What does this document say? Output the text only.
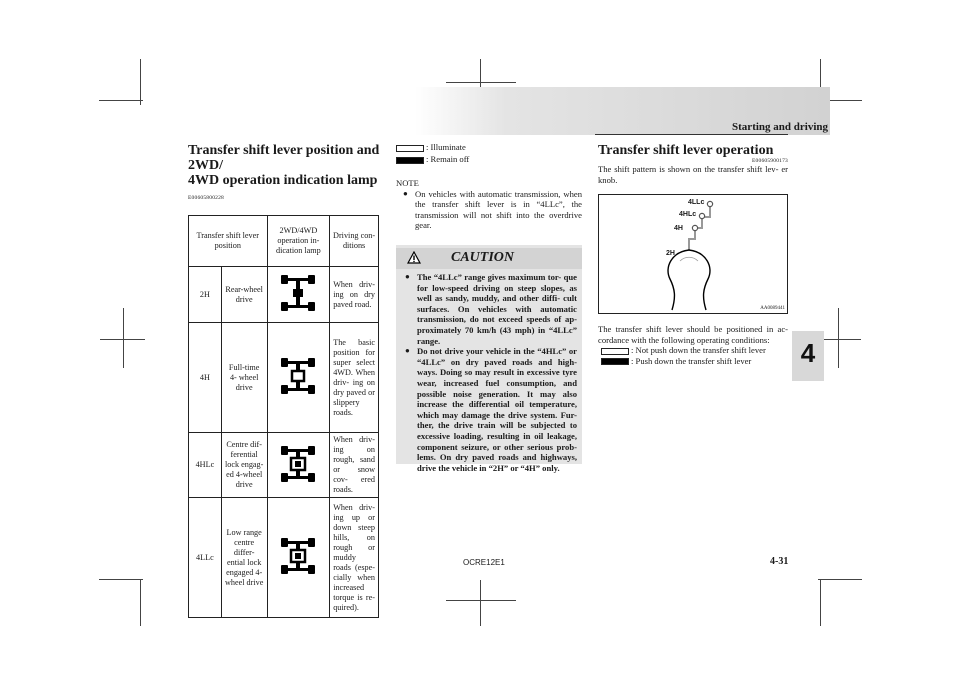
Starting and driving
Transfer shift lever position and 2WD/
4WD operation indication lamp E00605800228
Transfer shift lever position		2WD/4WD operation in- dication lamp	Driving con- ditions
2H	Rear-wheel drive		When driv- ing on dry paved road.
4H	Full-time 4- wheel drive		The basic position for super select 4WD. When driv- ing on dry paved or slippery roads.
4HLc	Centre dif- ferential lock engag- ed 4-wheel drive		When driv- ing on rough, sand or snow cov- ered roads.
4LLc	Low range centre differ- ential lock engaged 4- wheel drive		When driv- ing up or down steep hills, on rough or muddy roads (espe- cially when increased torque is re- quired).
: Illuminate
: Remain off
NOTE
● On vehicles with automatic transmission, when the transfer shift lever is in “4LLc”, the transmission will not shift into the overdrive gear.
CAUTION
● The “4LLc” range gives maximum tor- que for low-speed driving on steep slopes, as well as sandy, muddy, and other diffi- cult surfaces. On vehicles with automatic transmission, do not exceed speeds of ap- proximately 70 km/h (43 mph) in “4LLc” range.
● Do not drive your vehicle in the “4HLc” or “4LLc” on dry paved roads and high- ways. Doing so may result in excessive tyre wear, increased fuel consumption, and possible noise generation. It may also increase the differential oil temperature, which may damage the drive system. Fur- ther, the drive train will be subjected to excessive loading, resulting in oil leakage, component seizure, or other serious prob- lems. On dry paved roads and highways, drive the vehicle in “2H” or “4H” only.
Transfer shift lever operation
E00605900173
The shift pattern is shown on the transfer shift lev- er knob.
4LLc
4HLc
4H
2H
AA0089441
The transfer shift lever should be positioned in ac- cordance with the following operating conditions:
: Not push down the transfer shift lever
: Push down the transfer shift lever	4
OCRE12E1	4-31
